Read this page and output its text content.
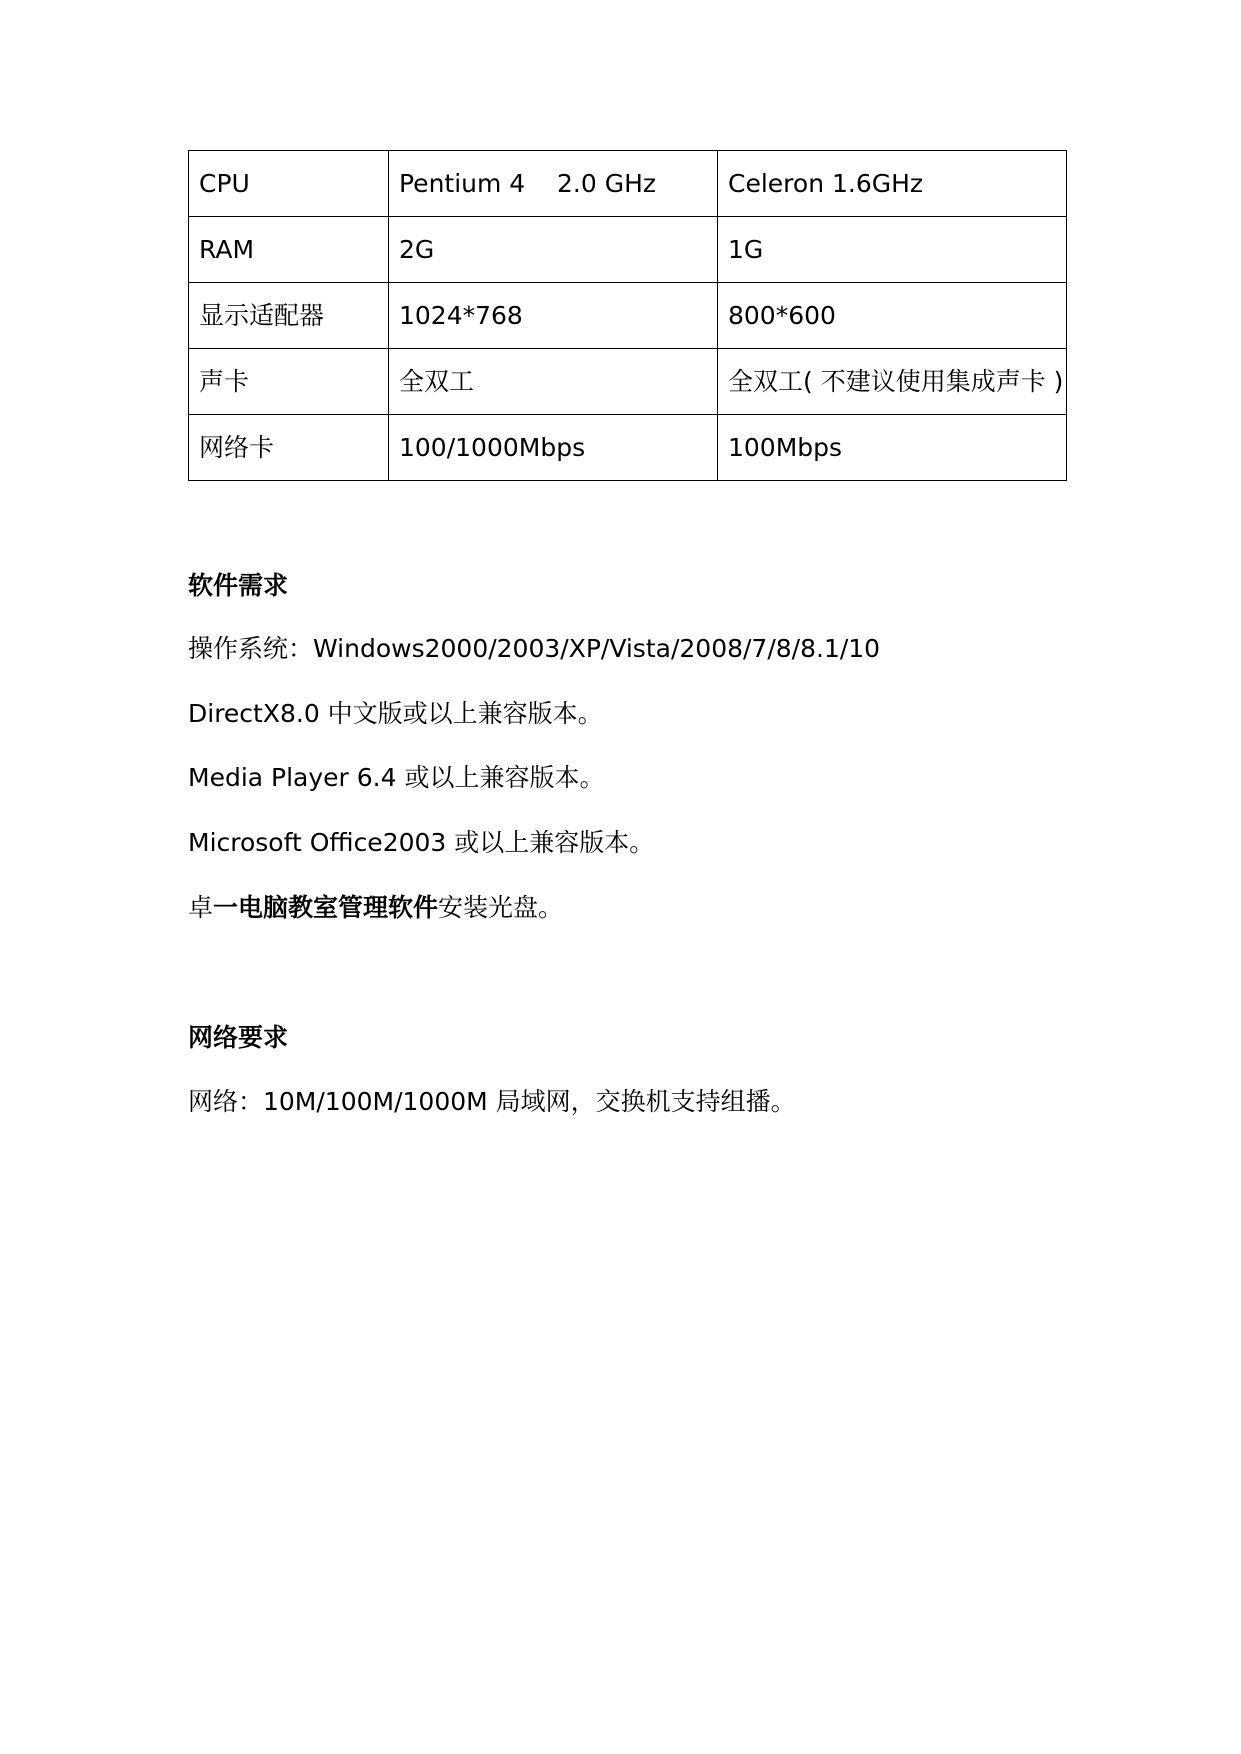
CPU	Pentium 4    2.0 GHz	Celeron 1.6GHz
RAM	2G	1G
显示适配器	1024*768	800*600
声卡	全双工	全双工( 不建议使用集成声卡 )
网络卡	100/1000Mbps	100Mbps
软件需求
操作系统：Windows2000/2003/XP/Vista/2008/7/8/8.1/10
DirectX8.0 中文版或以上兼容版本。
Media Player 6.4 或以上兼容版本。
Microsoft Office2003 或以上兼容版本。
卓一电脑教室管理软件安装光盘。
网络要求
网络：10M/100M/1000M 局域网，交换机支持组播。
